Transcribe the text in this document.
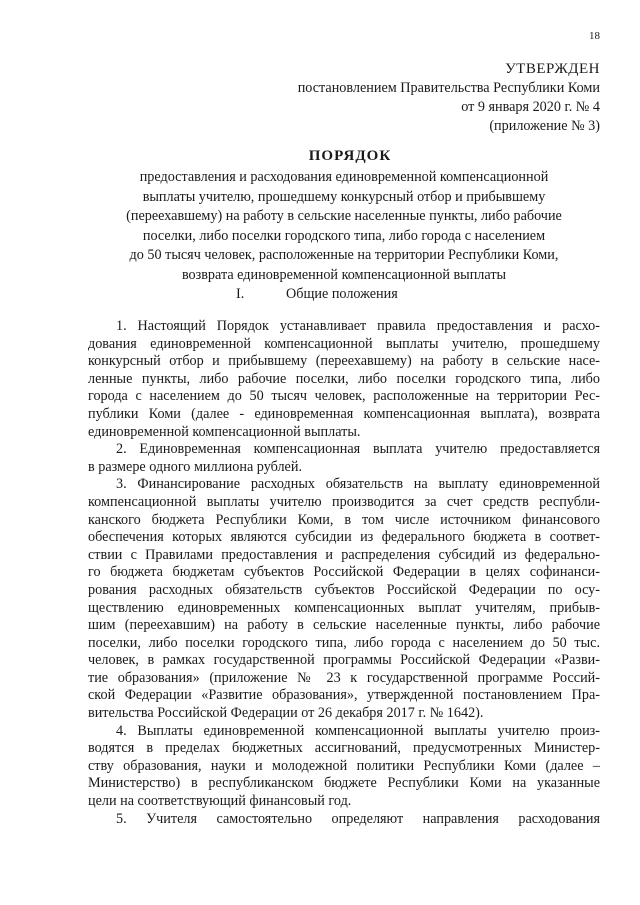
18
УТВЕРЖДЕН
постановлением Правительства Республики Коми
от 9 января 2020 г. № 4
(приложение № 3)
ПОРЯДОК
предоставления и расходования единовременной компенсационной
выплаты учителю, прошедшему конкурсный отбор и прибывшему
(переехавшему) на работу в сельские населенные пункты, либо рабочие
поселки, либо поселки городского типа, либо города с населением
до 50 тысяч человек, расположенные на территории Республики Коми,
возврата единовременной компенсационной выплаты
I.	Общие положения
1. Настоящий Порядок устанавливает правила предоставления и расхо-
дования единовременной компенсационной выплаты учителю, прошедшему
конкурсный отбор и прибывшему (переехавшему) на работу в сельские насе-
ленные пункты, либо рабочие поселки, либо поселки городского типа, либо
города с населением до 50 тысяч человек, расположенные на территории Рес-
публики Коми (далее - единовременная компенсационная выплата), возврата
единовременной компенсационной выплаты.
2. Единовременная компенсационная выплата учителю предоставляется
в размере одного миллиона рублей.
3. Финансирование расходных обязательств на выплату единовременной
компенсационной выплаты учителю производится за счет средств республи-
канского бюджета Республики Коми, в том числе источником финансового
обеспечения которых являются субсидии из федерального бюджета в соответ-
ствии с Правилами предоставления и распределения субсидий из федерально-
го бюджета бюджетам субъектов Российской Федерации в целях софинанси-
рования расходных обязательств субъектов Российской Федерации по осу-
ществлению единовременных компенсационных выплат учителям, прибыв-
шим (переехавшим) на работу в сельские населенные пункты, либо рабочие
поселки, либо поселки городского типа, либо города с населением до 50 тыс.
человек, в рамках государственной программы Российской Федерации «Разви-
тие образования» (приложение № 23 к государственной программе Россий-
ской Федерации «Развитие образования», утвержденной постановлением Пра-
вительства Российской Федерации от 26 декабря 2017 г. № 1642).
4. Выплаты единовременной компенсационной выплаты учителю произ-
водятся в пределах бюджетных ассигнований, предусмотренных Министер-
ству образования, науки и молодежной политики Республики Коми (далее –
Министерство) в республиканском бюджете Республики Коми на указанные
цели на соответствующий финансовый год.
5. Учителя самостоятельно определяют направления расходования
